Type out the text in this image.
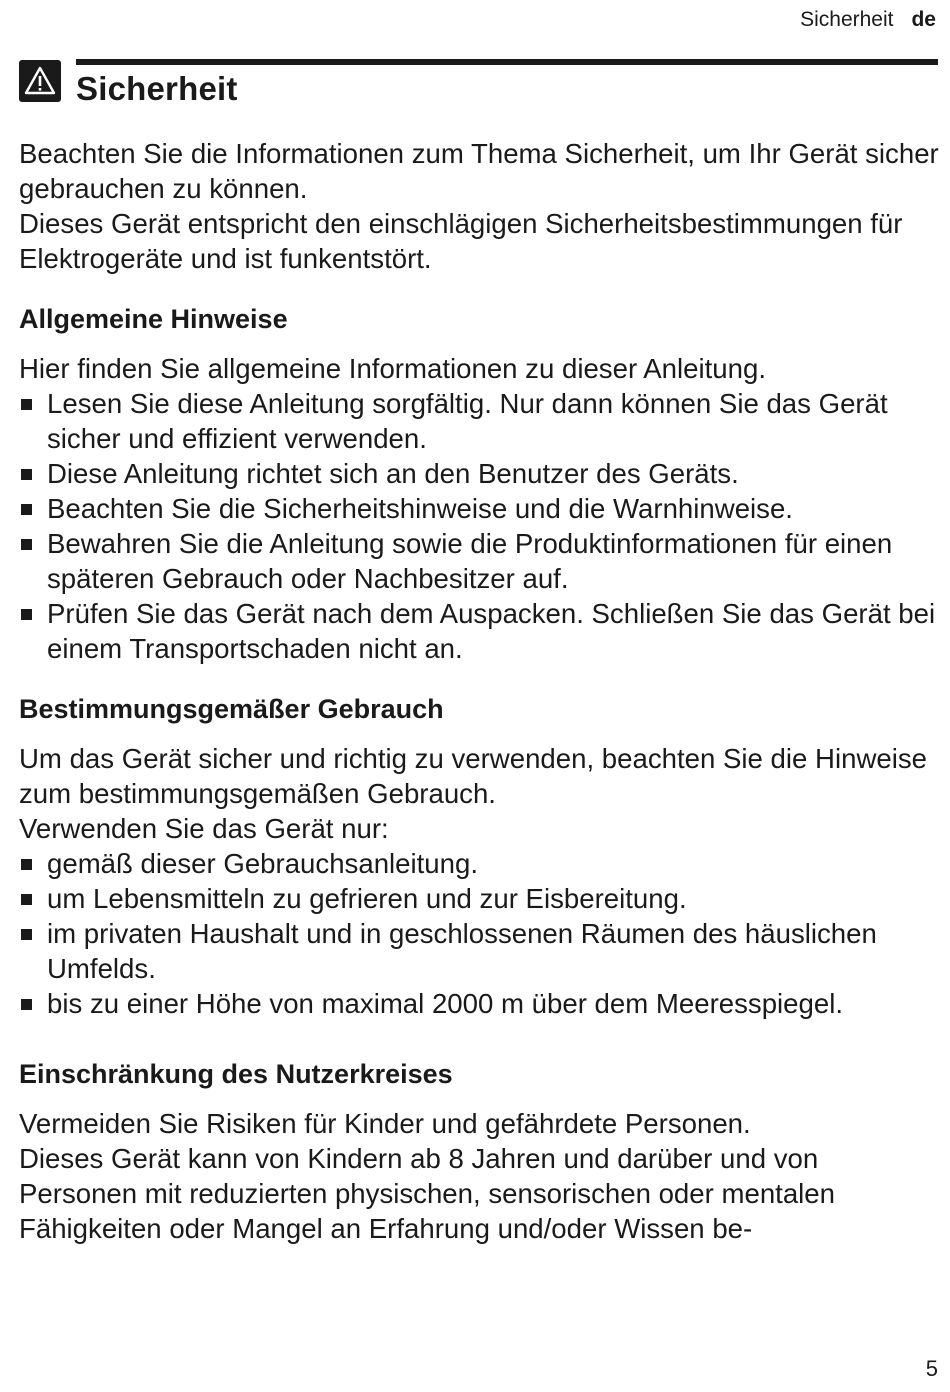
Sicherheit de
Sicherheit

Beachten Sie die Informationen zum Thema Sicherheit, um Ihr Gerät sicher gebrauchen zu können.

Dieses Gerät entspricht den einschlägigen Sicherheitsbestimmungen für Elektrogeräte und ist funkentstört.

Allgemeine Hinweise

Hier finden Sie allgemeine Informationen zu dieser Anleitung.

Lesen Sie diese Anleitung sorgfältig. Nur dann können Sie das Gerät sicher und effizient verwenden.
Diese Anleitung richtet sich an den Benutzer des Geräts.
Beachten Sie die Sicherheitshinweise und die Warnhinweise.
Bewahren Sie die Anleitung sowie die Produktinformationen für einen späteren Gebrauch oder Nachbesitzer auf.
Prüfen Sie das Gerät nach dem Auspacken. Schließen Sie das Gerät bei einem Transportschaden nicht an.
Bestimmungsgemäßer Gebrauch

Um das Gerät sicher und richtig zu verwenden, beachten Sie die Hinweise zum bestimmungsgemäßen Gebrauch.

Verwenden Sie das Gerät nur:

gemäß dieser Gebrauchsanleitung.
um Lebensmitteln zu gefrieren und zur Eisbereitung.
im privaten Haushalt und in geschlossenen Räumen des häuslichen Umfelds.
bis zu einer Höhe von maximal 2000 m über dem Meeresspiegel.
Einschränkung des Nutzerkreises

Vermeiden Sie Risiken für Kinder und gefährdete Personen.

Dieses Gerät kann von Kindern ab 8 Jahren und darüber und von Personen mit reduzierten physischen, sensorischen oder mentalen Fähigkeiten oder Mangel an Erfahrung und/oder Wissen be-

5
